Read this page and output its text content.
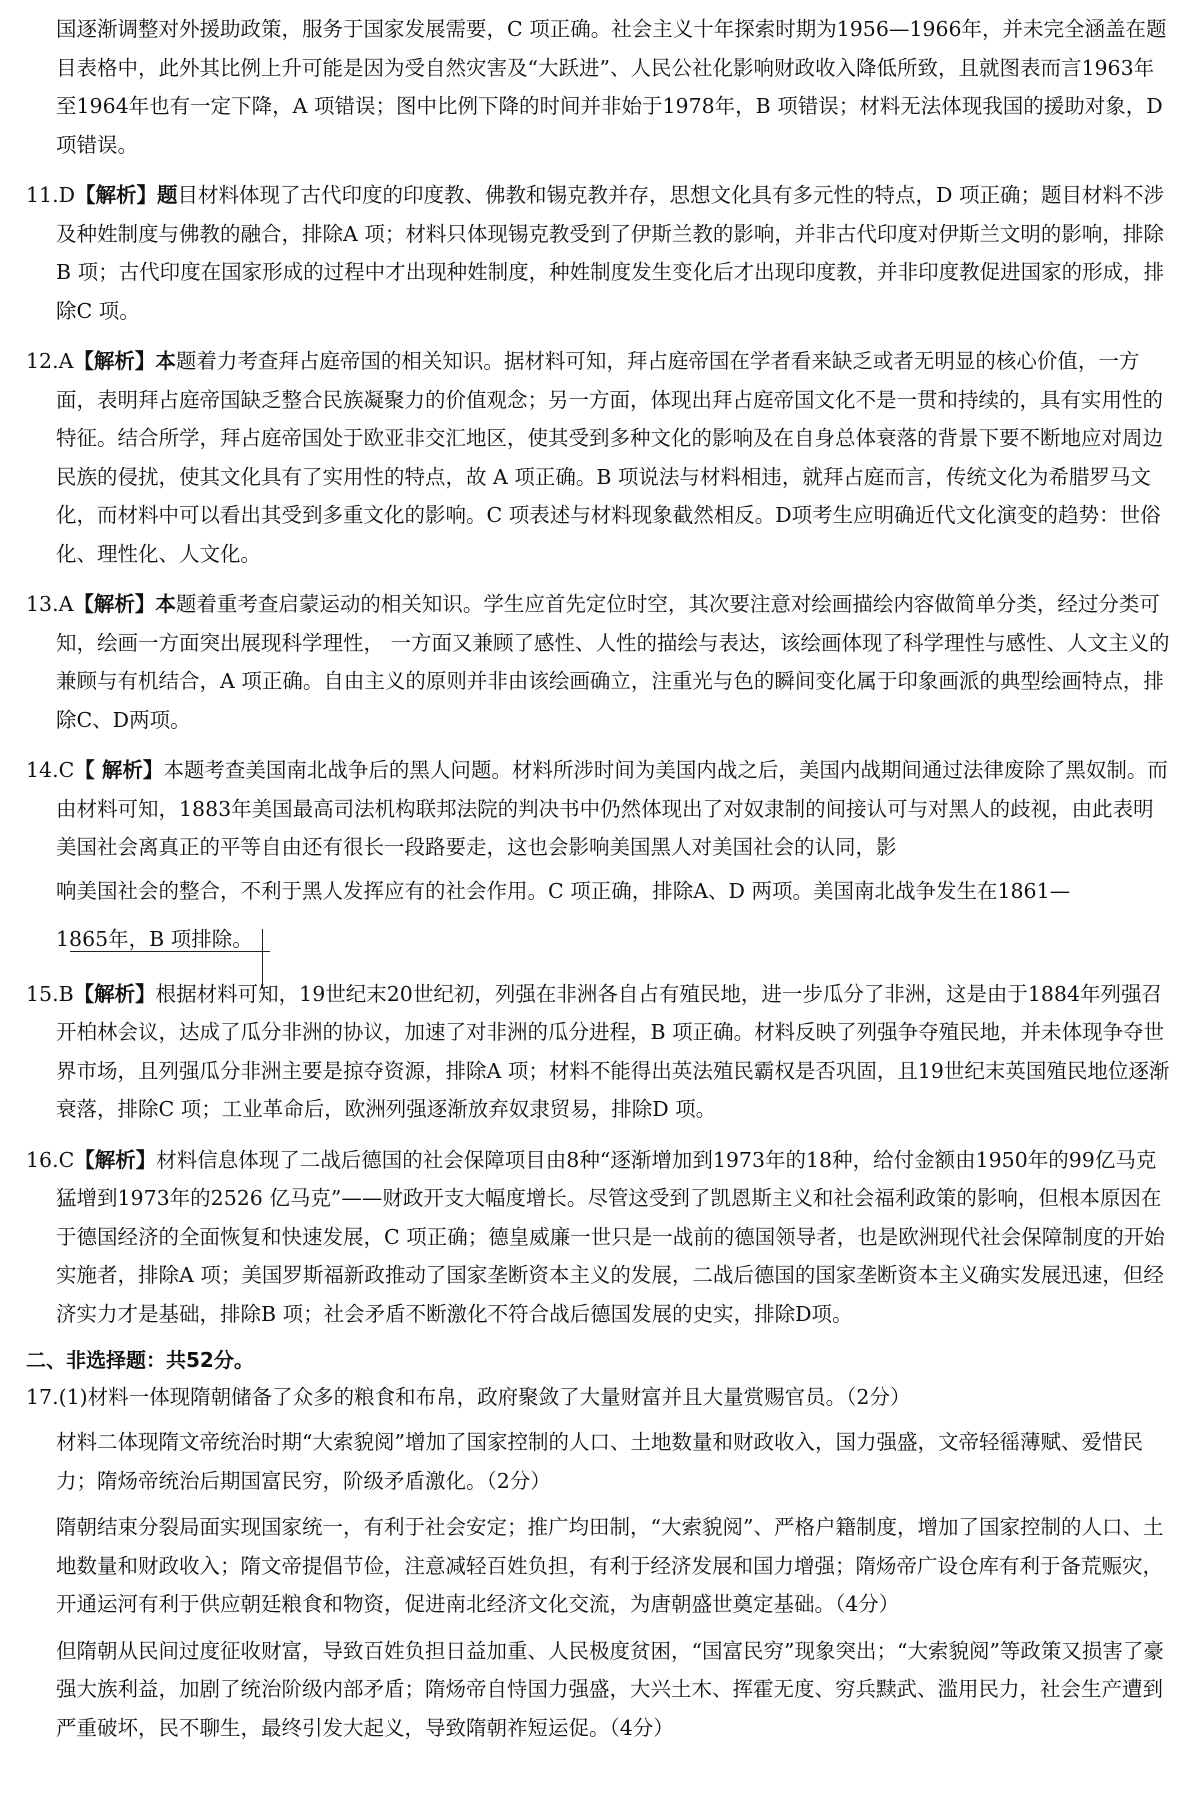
国逐渐调整对外援助政策，服务于国家发展需要，C 项正确。社会主义十年探索时期为1956—1966年，并未完全涵盖在题目表格中，此外其比例上升可能是因为受自然灾害及“大跃进”、人民公社化影响财政收入降低所致，且就图表而言1963年至1964年也有一定下降，A 项错误；图中比例下降的时间并非始于1978年，B 项错误；材料无法体现我国的援助对象，D 项错误。

11.D【解析】题目材料体现了古代印度的印度教、佛教和锡克教并存，思想文化具有多元性的特点，D 项正确；题目材料不涉及种姓制度与佛教的融合，排除A 项；材料只体现锡克教受到了伊斯兰教的影响，并非古代印度对伊斯兰文明的影响，排除B 项；古代印度在国家形成的过程中才出现种姓制度，种姓制度发生变化后才出现印度教，并非印度教促进国家的形成，排除C 项。

12.A【解析】本题着力考查拜占庭帝国的相关知识。据材料可知，拜占庭帝国在学者看来缺乏或者无明显的核心价值，一方面，表明拜占庭帝国缺乏整合民族凝聚力的价值观念；另一方面，体现出拜占庭帝国文化不是一贯和持续的，具有实用性的特征。结合所学，拜占庭帝国处于欧亚非交汇地区，使其受到多种文化的影响及在自身总体衰落的背景下要不断地应对周边民族的侵扰，使其文化具有了实用性的特点，故 A 项正确。B 项说法与材料相违，就拜占庭而言，传统文化为希腊罗马文化，而材料中可以看出其受到多重文化的影响。C 项表述与材料现象截然相反。D项考生应明确近代文化演变的趋势：世俗化、理性化、人文化。

13.A【解析】本题着重考查启蒙运动的相关知识。学生应首先定位时空，其次要注意对绘画描绘内容做简单分类，经过分类可知，绘画一方面突出展现科学理性， 一方面又兼顾了感性、人性的描绘与表达，该绘画体现了科学理性与感性、人文主义的兼顾与有机结合，A 项正确。自由主义的原则并非由该绘画确立，注重光与色的瞬间变化属于印象画派的典型绘画特点，排除C、D两项。

14.C【 解析】本题考查美国南北战争后的黑人问题。材料所涉时间为美国内战之后，美国内战期间通过法律废除了黑奴制。而由材料可知，1883年美国最高司法机构联邦法院的判决书中仍然体现出了对奴隶制的间接认可与对黑人的歧视，由此表明美国社会离真正的平等自由还有很长一段路要走，这也会影响美国黑人对美国社会的认同，影

响美国社会的整合，不利于黑人发挥应有的社会作用。C 项正确，排除A、D 两项。美国南北战争发生在1861—

1865年，B 项排除。

15.B【解析】根据材料可知，19世纪末20世纪初，列强在非洲各自占有殖民地，进一步瓜分了非洲，这是由于1884年列强召开柏林会议，达成了瓜分非洲的协议，加速了对非洲的瓜分进程，B 项正确。材料反映了列强争夺殖民地，并未体现争夺世界市场，且列强瓜分非洲主要是掠夺资源，排除A 项；材料不能得出英法殖民霸权是否巩固，且19世纪末英国殖民地位逐渐衰落，排除C 项；工业革命后，欧洲列强逐渐放弃奴隶贸易，排除D 项。

16.C【解析】材料信息体现了二战后德国的社会保障项目由8种“逐渐增加到1973年的18种，给付金额由1950年的99亿马克猛增到1973年的2526 亿马克”——财政开支大幅度增长。尽管这受到了凯恩斯主义和社会福利政策的影响，但根本原因在于德国经济的全面恢复和快速发展，C 项正确；德皇威廉一世只是一战前的德国领导者，也是欧洲现代社会保障制度的开始实施者，排除A 项；美国罗斯福新政推动了国家垄断资本主义的发展，二战后德国的国家垄断资本主义确实发展迅速，但经济实力才是基础，排除B 项；社会矛盾不断激化不符合战后德国发展的史实，排除D项。

二、非选择题：共52分。

17.(1)材料一体现隋朝储备了众多的粮食和布帛，政府聚敛了大量财富并且大量赏赐官员。（2分）

材料二体现隋文帝统治时期“大索貌阅”增加了国家控制的人口、土地数量和财政收入，国力强盛，文帝轻徭薄赋、爱惜民力；隋炀帝统治后期国富民穷，阶级矛盾激化。（2分）

隋朝结束分裂局面实现国家统一，有利于社会安定；推广均田制，“大索貌阅”、严格户籍制度，增加了国家控制的人口、土地数量和财政收入；隋文帝提倡节俭，注意减轻百姓负担，有利于经济发展和国力增强；隋炀帝广设仓库有利于备荒赈灾，开通运河有利于供应朝廷粮食和物资，促进南北经济文化交流，为唐朝盛世奠定基础。（4分）

但隋朝从民间过度征收财富，导致百姓负担日益加重、人民极度贫困，“国富民穷”现象突出；“大索貌阅”等政策又损害了豪强大族利益，加剧了统治阶级内部矛盾；隋炀帝自恃国力强盛，大兴土木、挥霍无度、穷兵黩武、滥用民力，社会生产遭到严重破坏，民不聊生，最终引发大起义，导致隋朝祚短运促。（4分）
